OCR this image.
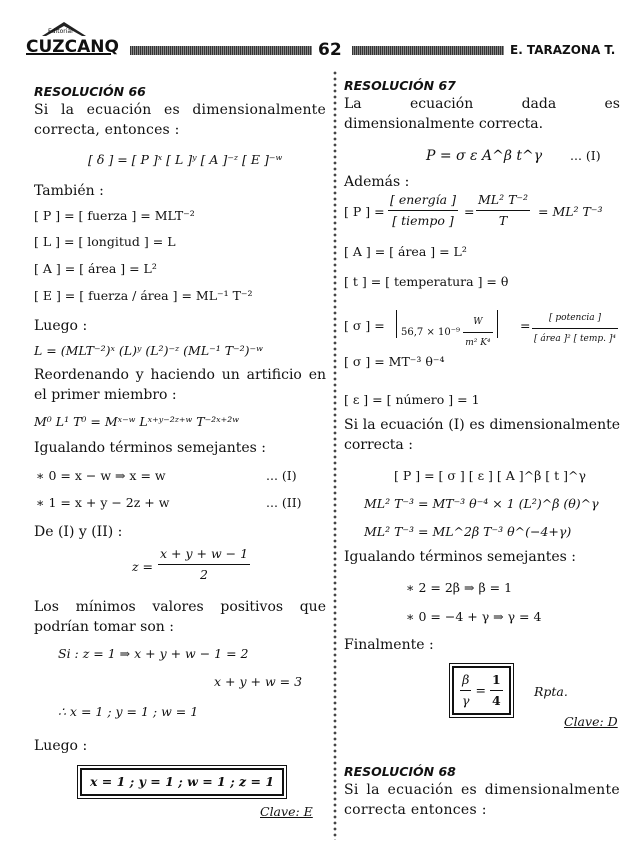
Editorial
CUZCANQ	62	E. TARAZONA T.
RESOLUCIÓN 66
Si la ecuación es dimensionalmente correcta, entonces :
[ δ ] = [ P ]ˣ [ L ]ʸ [ A ]⁻ᶻ [ E ]⁻ʷ
También :
[ P ] = [ fuerza ] = MLT⁻²
[ L ] = [ longitud ] = L
[ A ] = [ área ] = L²
[ E ] = [ fuerza / área ] = ML⁻¹ T⁻²
Luego :
L = (MLT⁻²)ˣ (L)ʸ (L²)⁻ᶻ (ML⁻¹ T⁻²)⁻ʷ
Reordenando y haciendo un artificio en el primer miembro :
M⁰ L¹ T⁰ = Mˣ⁻ʷ Lˣ⁺ʸ⁻²ᶻ⁺ʷ T⁻²ˣ⁺²ʷ
Igualando términos semejantes :
∗ 0 = x − w ⇒ x = w	... (I)
∗ 1 = x + y − 2z + w	... (II)
De (I) y (II) :
$z = \frac{x + y + w - 1}{2}$
Los mínimos valores positivos que podrían tomar son :
Si : z = 1 ⇒ x + y + w − 1 = 2
x + y + w = 3
∴ x = 1 ; y = 1 ; w = 1
Luego :
x = 1 ; y = 1 ; w = 1 ; z = 1
Clave: E
RESOLUCIÓN 67
La ecuación dada es dimensionalmente correcta.
P = σ ε A^β t^γ ... (I)
Además :
[ P ] = $\frac{\text{[ energía ]}}{\text{[ tiempo ]}} = \frac{\text{ML² T⁻²}}{T} = ML^2$ T⁻³
[ A ] = [ área ] = L²
[ t ] = [ temperatura ] = θ
[ σ ] =	$56,7 \times 10^{-9} \frac{W}{\text{m² K⁴}} = \frac{\text{[ potencia ]}}{\text{[ área ]² [ temp. ]⁴}}$
[ σ ] = MT⁻³ θ⁻⁴
[ ε ] = [ número ] = 1
Si la ecuación (I) es dimensionalmente correcta :
[ P ] = [ σ ] [ ε ] [ A ]^β [ t ]^γ
ML² T⁻³ = MT⁻³ θ⁻⁴ × 1 (L²)^β (θ)^γ
ML² T⁻³ = ML^2β T⁻³ θ^(−4+γ)
Igualando términos semejantes :
∗ 2 = 2β ⇒ β = 1
∗ 0 = −4 + γ ⇒ γ = 4
Finalmente :
$\frac{\beta}{\gamma} = \frac{1}{4}$	Rpta.
Clave: D
RESOLUCIÓN 68
Si la ecuación es dimensionalmente correcta entonces :
